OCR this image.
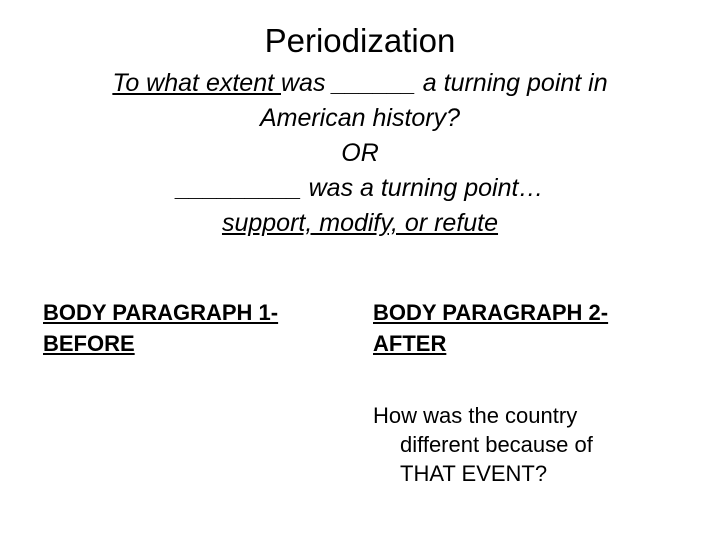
Periodization
To what extent was ______ a turning point in
American history?
OR
_________ was a turning point…
support, modify, or refute
BODY PARAGRAPH 1-
BEFORE
BODY PARAGRAPH 2-
AFTER
How was the country
different because of
THAT EVENT?
